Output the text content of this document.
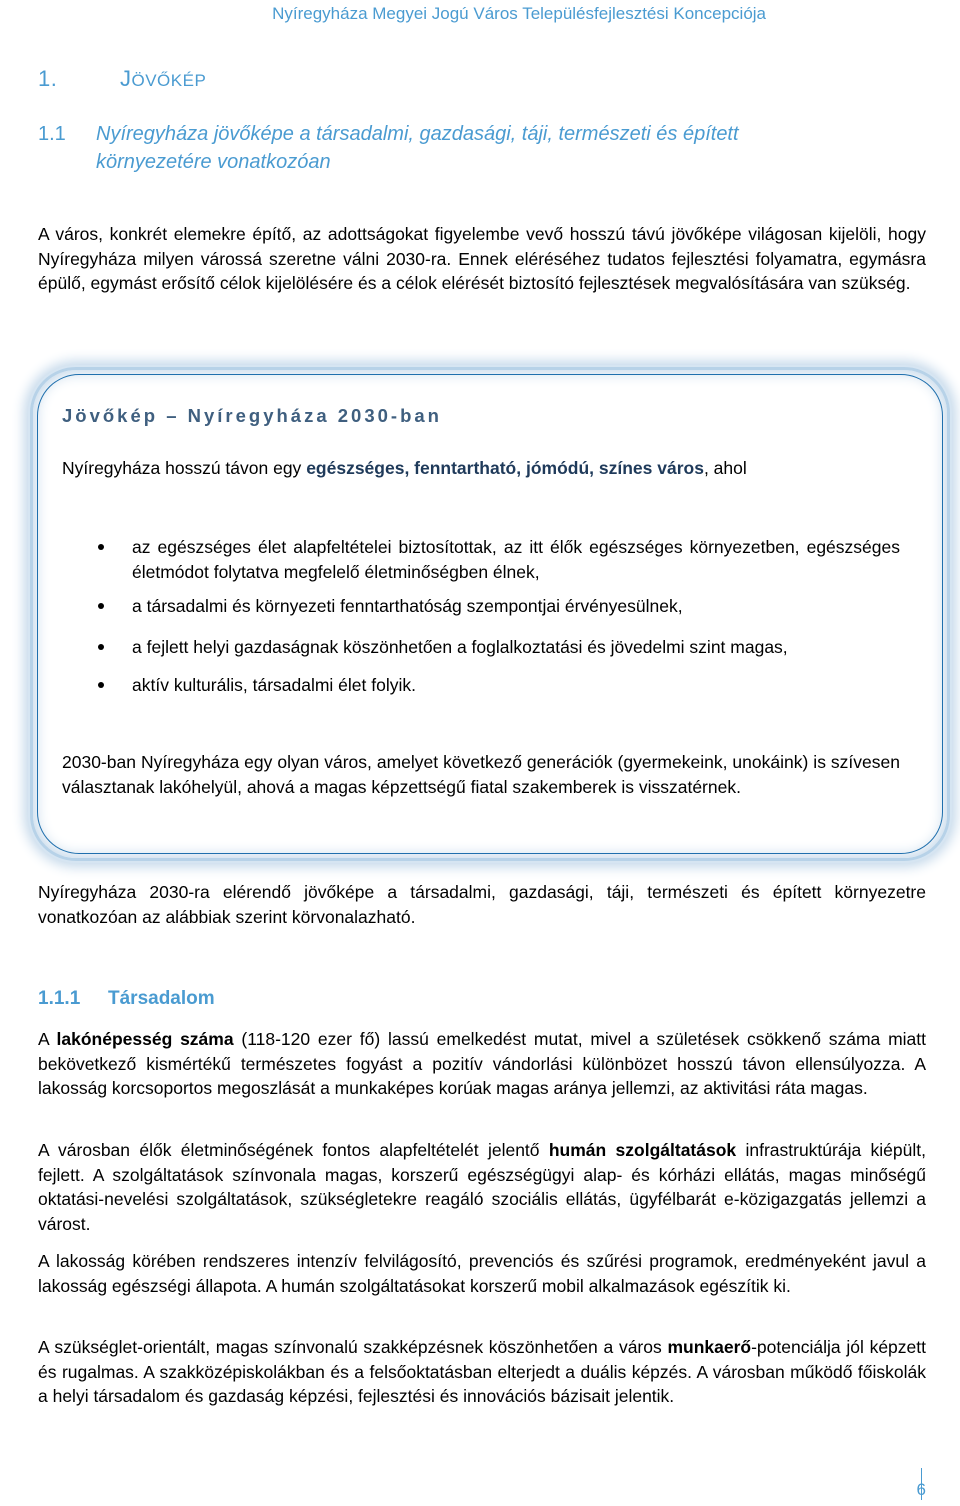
Nyíregyháza Megyei Jogú Város Településfejlesztési Koncepciója
1.	JÖVŐKÉP
1.1 Nyíregyháza jövőképe a társadalmi, gazdasági, táji, természeti és épített
környezetére vonatkozóan

A város, konkrét elemekre építő, az adottságokat figyelembe vevő hosszú távú jövőképe világosan kijelöli, hogy Nyíregyháza milyen várossá szeretne válni 2030-ra. Ennek eléréséhez tudatos fejlesztési folyamatra, egymásra épülő, egymást erősítő célok kijelölésére és a célok elérését biztosító fejlesztések megvalósítására van szükség.

Jövőkép – Nyíregyháza 2030-ban

Nyíregyháza hosszú távon egy egészséges, fenntartható, jómódú, színes város, ahol

az egészséges élet alapfeltételei biztosítottak, az itt élők egészséges környezetben, egészséges életmódot folytatva megfelelő életminőségben élnek,

a társadalmi és környezeti fenntarthatóság szempontjai érvényesülnek,

a fejlett helyi gazdaságnak köszönhetően a foglalkoztatási és jövedelmi szint magas,

aktív kulturális, társadalmi élet folyik.

2030-ban Nyíregyháza egy olyan város, amelyet következő generációk (gyermekeink, unokáink) is szívesen választanak lakóhelyül, ahová a magas képzettségű fiatal szakemberek is visszatérnek.

Nyíregyháza 2030-ra elérendő jövőképe a társadalmi, gazdasági, táji, természeti és épített környezetre vonatkozóan az alábbiak szerint körvonalazható.

1.1.1 Társadalom

A lakónépesség száma (118-120 ezer fő) lassú emelkedést mutat, mivel a születések csökkenő száma miatt bekövetkező kismértékű természetes fogyást a pozitív vándorlási különbözet hosszú távon ellensúlyozza. A lakosság korcsoportos megoszlását a munkaképes korúak magas aránya jellemzi, az aktivitási ráta magas.

A városban élők életminőségének fontos alapfeltételét jelentő humán szolgáltatások infrastruktúrája kiépült, fejlett. A szolgáltatások színvonala magas, korszerű egészségügyi alap- és kórházi ellátás, magas minőségű oktatási-nevelési szolgáltatások, szükségletekre reagáló szociális ellátás, ügyfélbarát e-közigazgatás jellemzi a várost.

A lakosság körében rendszeres intenzív felvilágosító, prevenciós és szűrési programok, eredményeként javul a lakosság egészségi állapota. A humán szolgáltatásokat korszerű mobil alkalmazások egészítik ki.

A szükséglet-orientált, magas színvonalú szakképzésnek köszönhetően a város munkaerő-potenciálja jól képzett és rugalmas. A szakközépiskolákban és a felsőoktatásban elterjedt a duális képzés. A városban működő főiskolák a helyi társadalom és gazdaság képzési, fejlesztési és innovációs bázisait jelentik.

6
